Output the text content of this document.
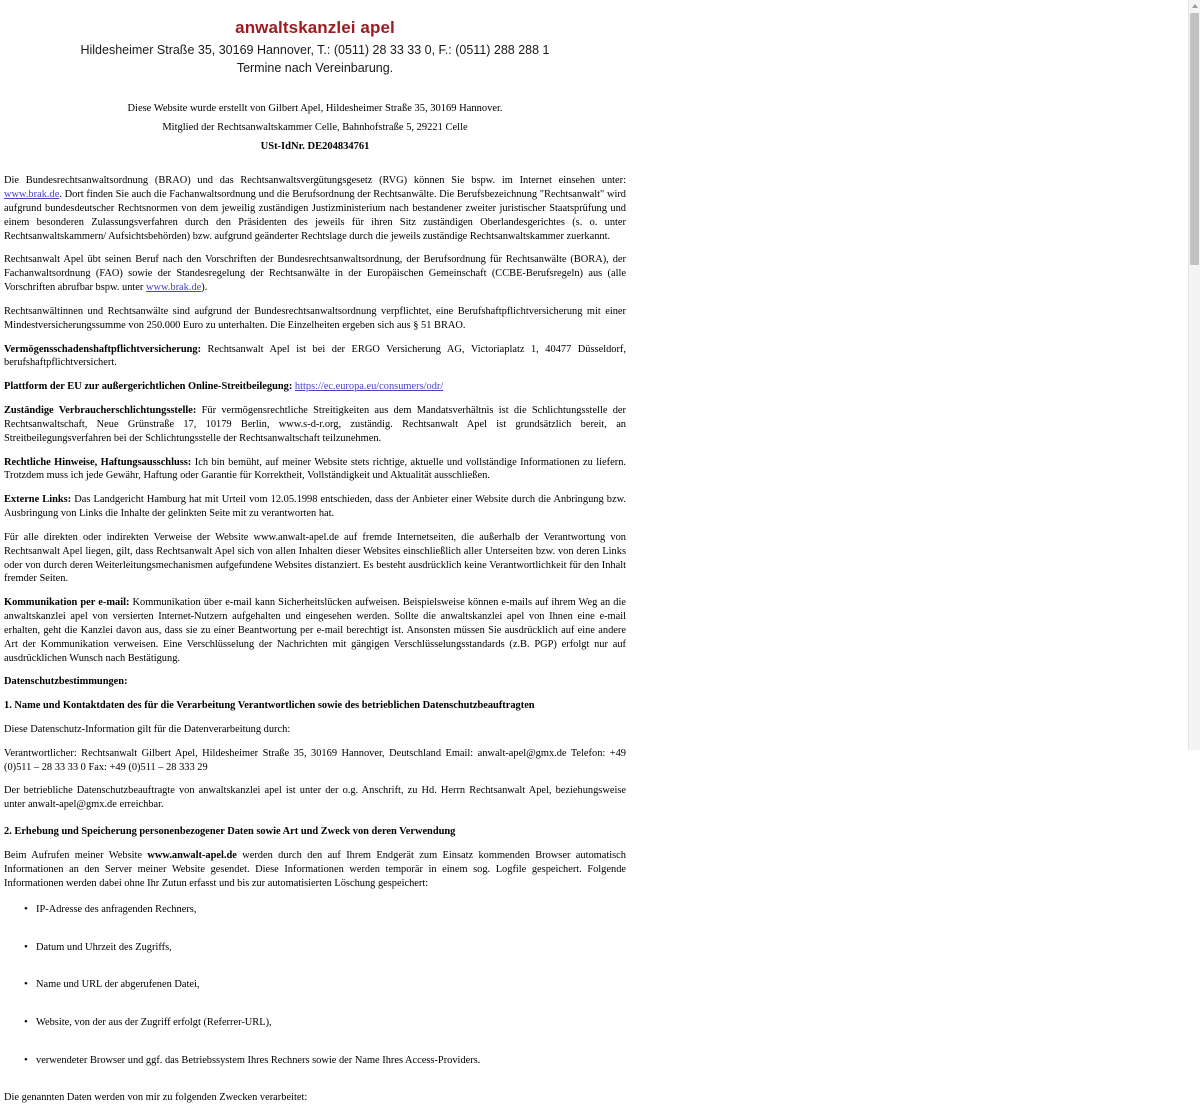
anwaltskanzlei apel
Hildesheimer Straße 35, 30169 Hannover, T.: (0511) 28 33 33 0, F.: (0511) 288 288 1
Termine nach Vereinbarung.

Diese Website wurde erstellt von Gilbert Apel, Hildesheimer Straße 35, 30169 Hannover.

Mitglied der Rechtsanwaltskammer Celle, Bahnhofstraße 5, 29221 Celle

USt-IdNr. DE204834761

Die Bundesrechtsanwaltsordnung (BRAO) und das Rechtsanwaltsvergütungsgesetz (RVG) können Sie bspw. im Internet einsehen unter: www.brak.de. Dort finden Sie auch die Fachanwaltsordnung und die Berufsordnung der Rechtsanwälte. Die Berufsbezeichnung "Rechtsanwalt" wird aufgrund bundesdeutscher Rechtsnormen von dem jeweilig zuständigen Justizministerium nach bestandener zweiter juristischer Staatsprüfung und einem besonderen Zulassungsverfahren durch den Präsidenten des jeweils für ihren Sitz zuständigen Oberlandesgerichtes (s. o. unter Rechtsanwaltskammern/ Aufsichtsbehörden) bzw. aufgrund geänderter Rechtslage durch die jeweils zuständige Rechtsanwaltskammer zuerkannt.

Rechtsanwalt Apel übt seinen Beruf nach den Vorschriften der Bundesrechtsanwaltsordnung, der Berufsordnung für Rechtsanwälte (BORA), der Fachanwaltsordnung (FAO) sowie der Standesregelung der Rechtsanwälte in der Europäischen Gemeinschaft (CCBE-Berufsregeln) aus (alle Vorschriften abrufbar bspw. unter www.brak.de).

Rechtsanwältinnen und Rechtsanwälte sind aufgrund der Bundesrechtsanwaltsordnung verpflichtet, eine Berufshaftpflichtversicherung mit einer Mindestversicherungssumme von 250.000 Euro zu unterhalten. Die Einzelheiten ergeben sich aus § 51 BRAO.

Vermögensschadenshaftpflichtversicherung: Rechtsanwalt Apel ist bei der ERGO Versicherung AG, Victoriaplatz 1, 40477 Düsseldorf, berufshaftpflichtversichert.

Plattform der EU zur außergerichtlichen Online-Streitbeilegung: https://ec.europa.eu/consumers/odr/

Zuständige Verbraucherschlichtungsstelle: Für vermögensrechtliche Streitigkeiten aus dem Mandatsverhältnis ist die Schlichtungsstelle der Rechtsanwaltschaft, Neue Grünstraße 17, 10179 Berlin, www.s-d-r.org, zuständig. Rechtsanwalt Apel ist grundsätzlich bereit, an Streitbeilegungsverfahren bei der Schlichtungsstelle der Rechtsanwaltschaft teilzunehmen.

Rechtliche Hinweise, Haftungsausschluss: Ich bin bemüht, auf meiner Website stets richtige, aktuelle und vollständige Informationen zu liefern. Trotzdem muss ich jede Gewähr, Haftung oder Garantie für Korrektheit, Vollständigkeit und Aktualität ausschließen.

Externe Links: Das Landgericht Hamburg hat mit Urteil vom 12.05.1998 entschieden, dass der Anbieter einer Website durch die Anbringung bzw. Ausbringung von Links die Inhalte der gelinkten Seite mit zu verantworten hat.

Für alle direkten oder indirekten Verweise der Website www.anwalt-apel.de auf fremde Internetseiten, die außerhalb der Verantwortung von Rechtsanwalt Apel liegen, gilt, dass Rechtsanwalt Apel sich von allen Inhalten dieser Websites einschließlich aller Unterseiten bzw. von deren Links oder von durch deren Weiterleitungsmechanismen aufgefundene Websites distanziert. Es besteht ausdrücklich keine Verantwortlichkeit für den Inhalt fremder Seiten.

Kommunikation per e-mail: Kommunikation über e-mail kann Sicherheitslücken aufweisen. Beispielsweise können e-mails auf ihrem Weg an die anwaltskanzlei apel von versierten Internet-Nutzern aufgehalten und eingesehen werden. Sollte die anwaltskanzlei apel von Ihnen eine e-mail erhalten, geht die Kanzlei davon aus, dass sie zu einer Beantwortung per e-mail berechtigt ist. Ansonsten müssen Sie ausdrücklich auf eine andere Art der Kommunikation verweisen. Eine Verschlüsselung der Nachrichten mit gängigen Verschlüsselungsstandards (z.B. PGP) erfolgt nur auf ausdrücklichen Wunsch nach Bestätigung.

Datenschutzbestimmungen:
1. Name und Kontaktdaten des für die Verarbeitung Verantwortlichen sowie des betrieblichen Datenschutzbeauftragten

Diese Datenschutz-Information gilt für die Datenverarbeitung durch:

Verantwortlicher: Rechtsanwalt Gilbert Apel, Hildesheimer Straße 35, 30169 Hannover, Deutschland Email: anwalt-apel@gmx.de Telefon: +49 (0)511 – 28 33 33 0 Fax: +49 (0)511 – 28 333 29

Der betriebliche Datenschutzbeauftragte von anwaltskanzlei apel ist unter der o.g. Anschrift, zu Hd. Herrn Rechtsanwalt Apel, beziehungsweise unter anwalt-apel@gmx.de erreichbar.

2. Erhebung und Speicherung personenbezogener Daten sowie Art und Zweck von deren Verwendung

Beim Aufrufen meiner Website www.anwalt-apel.de werden durch den auf Ihrem Endgerät zum Einsatz kommenden Browser automatisch Informationen an den Server meiner Website gesendet. Diese Informationen werden temporär in einem sog. Logfile gespeichert. Folgende Informationen werden dabei ohne Ihr Zutun erfasst und bis zur automatisierten Löschung gespeichert:

• IP-Adresse des anfragenden Rechners,
• Datum und Uhrzeit des Zugriffs,
• Name und URL der abgerufenen Datei,
• Website, von der aus der Zugriff erfolgt (Referrer-URL),
• verwendeter Browser und ggf. das Betriebssystem Ihres Rechners sowie der Name Ihres Access-Providers.

Die genannten Daten werden von mir zu folgenden Zwecken verarbeitet:
